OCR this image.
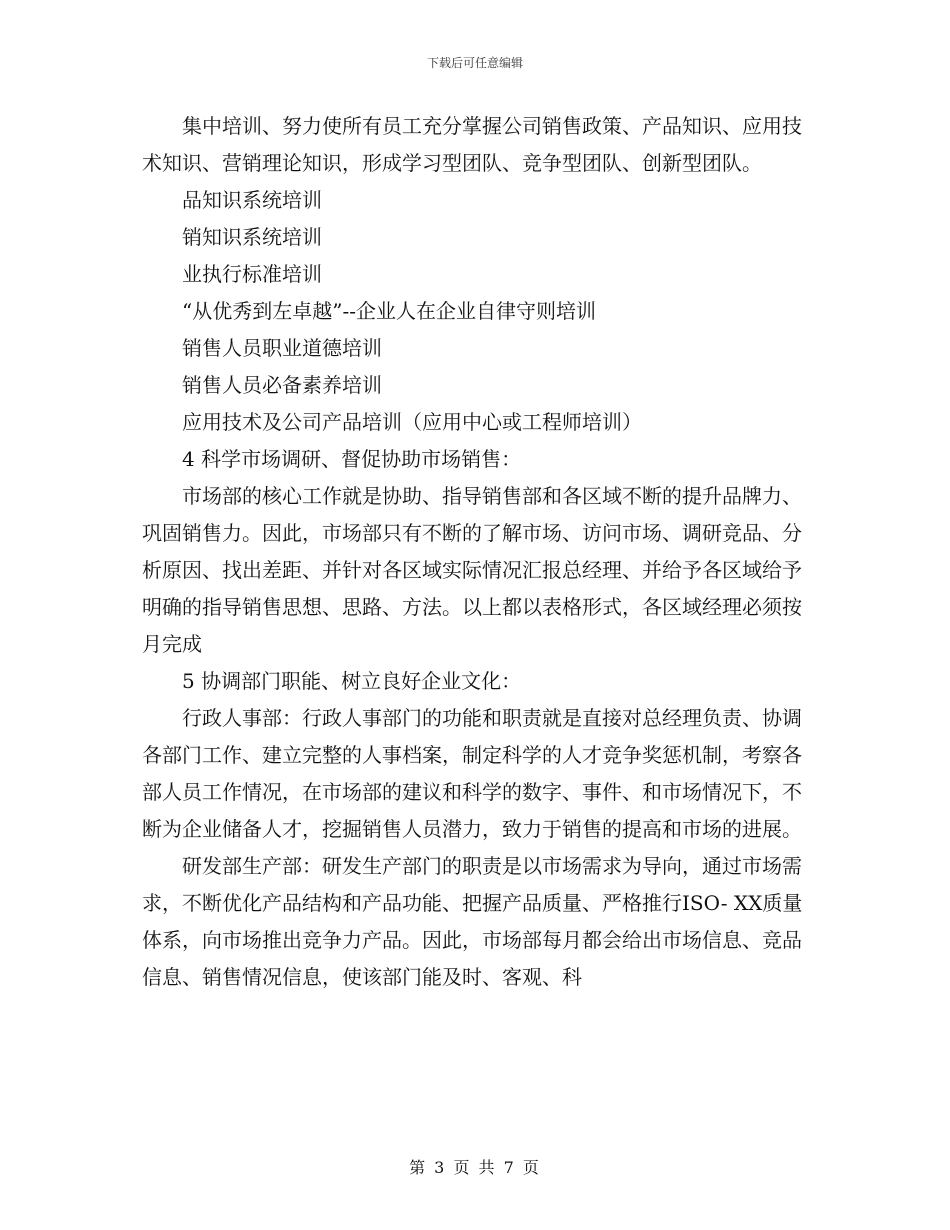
下载后可任意编辑

集中培训、努力使所有员工充分掌握公司销售政策、产品知识、应用技术知识、营销理论知识，形成学习型团队、竞争型团队、创新型团队。

品知识系统培训

销知识系统培训

业执行标准培训

“从优秀到左卓越”--企业人在企业自律守则培训

销售人员职业道德培训

销售人员必备素养培训

应用技术及公司产品培训（应用中心或工程师培训）

4 科学市场调研、督促协助市场销售：

市场部的核心工作就是协助、指导销售部和各区域不断的提升品牌力、巩固销售力。因此，市场部只有不断的了解市场、访问市场、调研竞品、分析原因、找出差距、并针对各区域实际情况汇报总经理、并给予各区域给予明确的指导销售思想、思路、方法。以上都以表格形式，各区域经理必须按月完成

5 协调部门职能、树立良好企业文化：

行政人事部：行政人事部门的功能和职责就是直接对总经理负责、协调各部门工作、建立完整的人事档案，制定科学的人才竞争奖惩机制，考察各部人员工作情况，在市场部的建议和科学的数字、事件、和市场情况下，不断为企业储备人才，挖掘销售人员潜力，致力于销售的提高和市场的进展。

研发部生产部：研发生产部门的职责是以市场需求为导向，通过市场需求，不断优化产品结构和产品功能、把握产品质量、严格推行ISO- XX质量体系，向市场推出竞争力产品。因此，市场部每月都会给出市场信息、竞品信息、销售情况信息，使该部门能及时、客观、科

第 3 页 共 7 页
